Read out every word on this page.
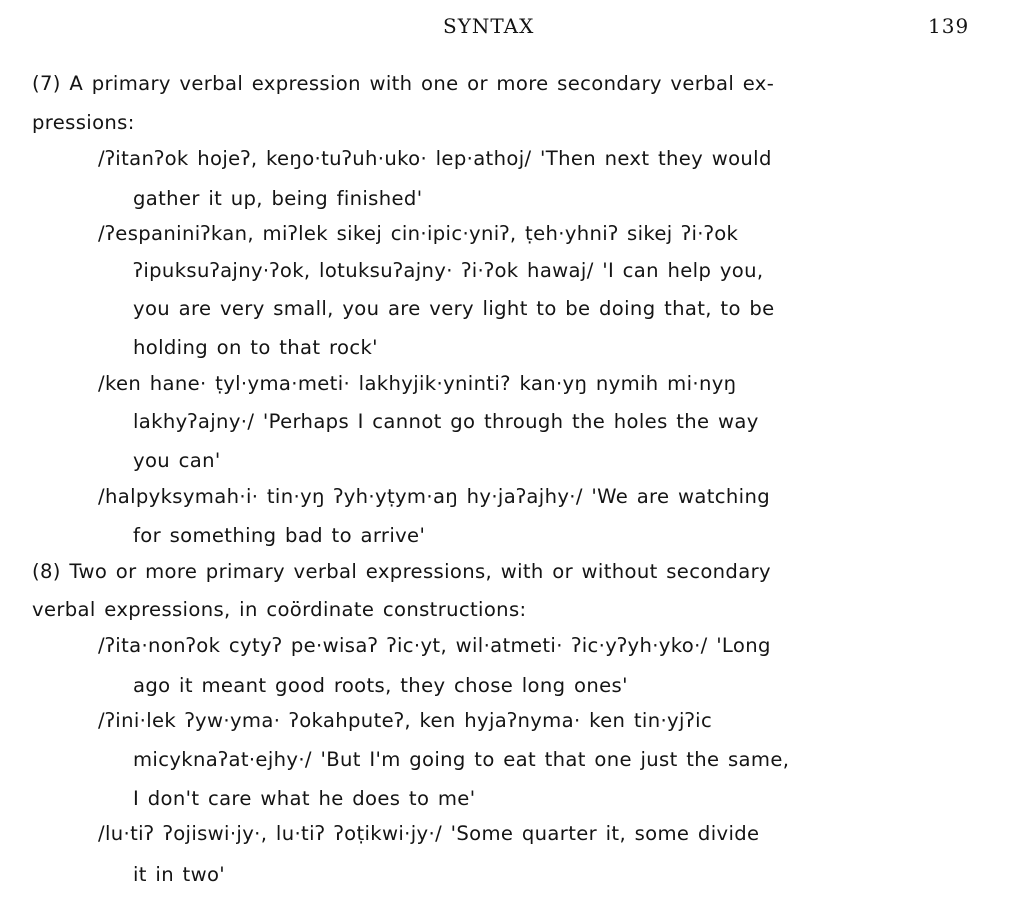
SYNTAX	139
(7) A primary verbal expression with one or more secondary verbal ex-
pressions:
/ʔitanʔok hojeʔ, keŋo·tuʔuh·uko· lep·athoj/ 'Then next they would
gather it up, being finished'
/ʔespaniniʔkan, miʔlek sikej cin·ipic·yniʔ, ṭeh·yhniʔ sikej ʔi·ʔok
ʔipuksuʔajny·ʔok, lotuksuʔajny· ʔi·ʔok hawaj/ 'I can help you,
you are very small, you are very light to be doing that, to be
holding on to that rock'
/ken hane· ṭyl·yma·meti· lakhyjik·yninti? kan·yŋ nymih mi·nyŋ
lakhyʔajny·/ 'Perhaps I cannot go through the holes the way
you can'
/halpyksymah·i· tin·yŋ ʔyh·yṭym·aŋ hy·jaʔajhy·/ 'We are watching
for something bad to arrive'
(8) Two or more primary verbal expressions, with or without secondary
verbal expressions, in coördinate constructions:
/ʔita·nonʔok cytyʔ pe·wisaʔ ʔic·yt, wil·atmeti· ʔic·yʔyh·yko·/ 'Long
ago it meant good roots, they chose long ones'
/ʔini·lek ʔyw·yma· ʔokahputeʔ, ken hyjaʔnyma· ken tin·yjʔic
micyknaʔat·ejhy·/ 'But I'm going to eat that one just the same,
I don't care what he does to me'
/lu·tiʔ ʔojiswi·jy·, lu·tiʔ ʔoṭikwi·jy·/ 'Some quarter it, some divide
it in two'
